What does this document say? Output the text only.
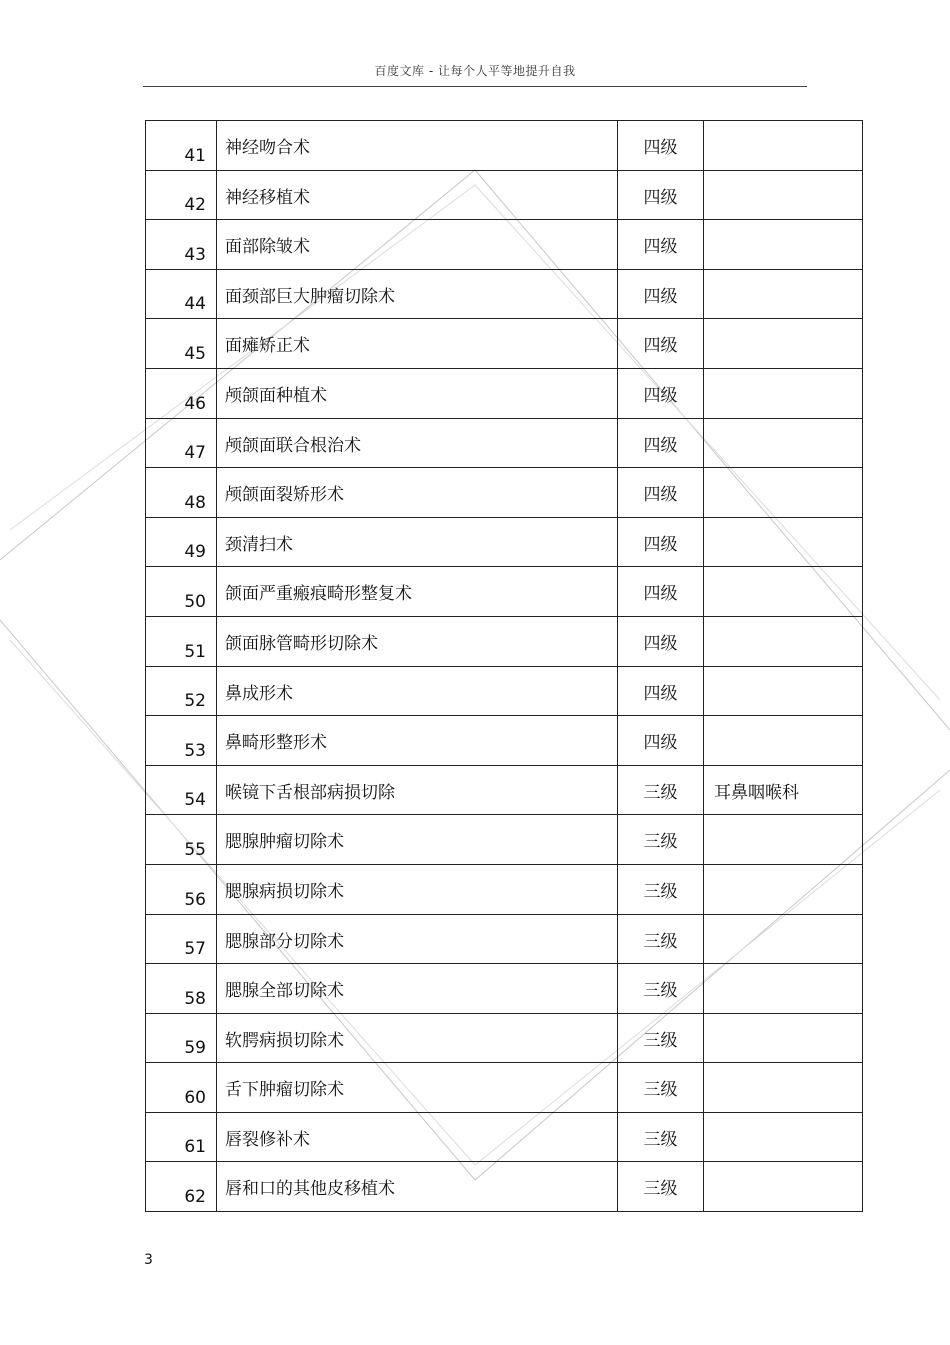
百度文库 - 让每个人平等地提升自我
41	神经吻合术	四级	
42	神经移植术	四级	
43	面部除皱术	四级	
44	面颈部巨大肿瘤切除术	四级	
45	面瘫矫正术	四级	
46	颅颌面种植术	四级	
47	颅颌面联合根治术	四级	
48	颅颌面裂矫形术	四级	
49	颈清扫术	四级	
50	颌面严重瘢痕畸形整复术	四级	
51	颌面脉管畸形切除术	四级	
52	鼻成形术	四级	
53	鼻畸形整形术	四级	
54	喉镜下舌根部病损切除	三级	耳鼻咽喉科
55	腮腺肿瘤切除术	三级	
56	腮腺病损切除术	三级	
57	腮腺部分切除术	三级	
58	腮腺全部切除术	三级	
59	软腭病损切除术	三级	
60	舌下肿瘤切除术	三级	
61	唇裂修补术	三级	
62	唇和口的其他皮移植术	三级	
3
